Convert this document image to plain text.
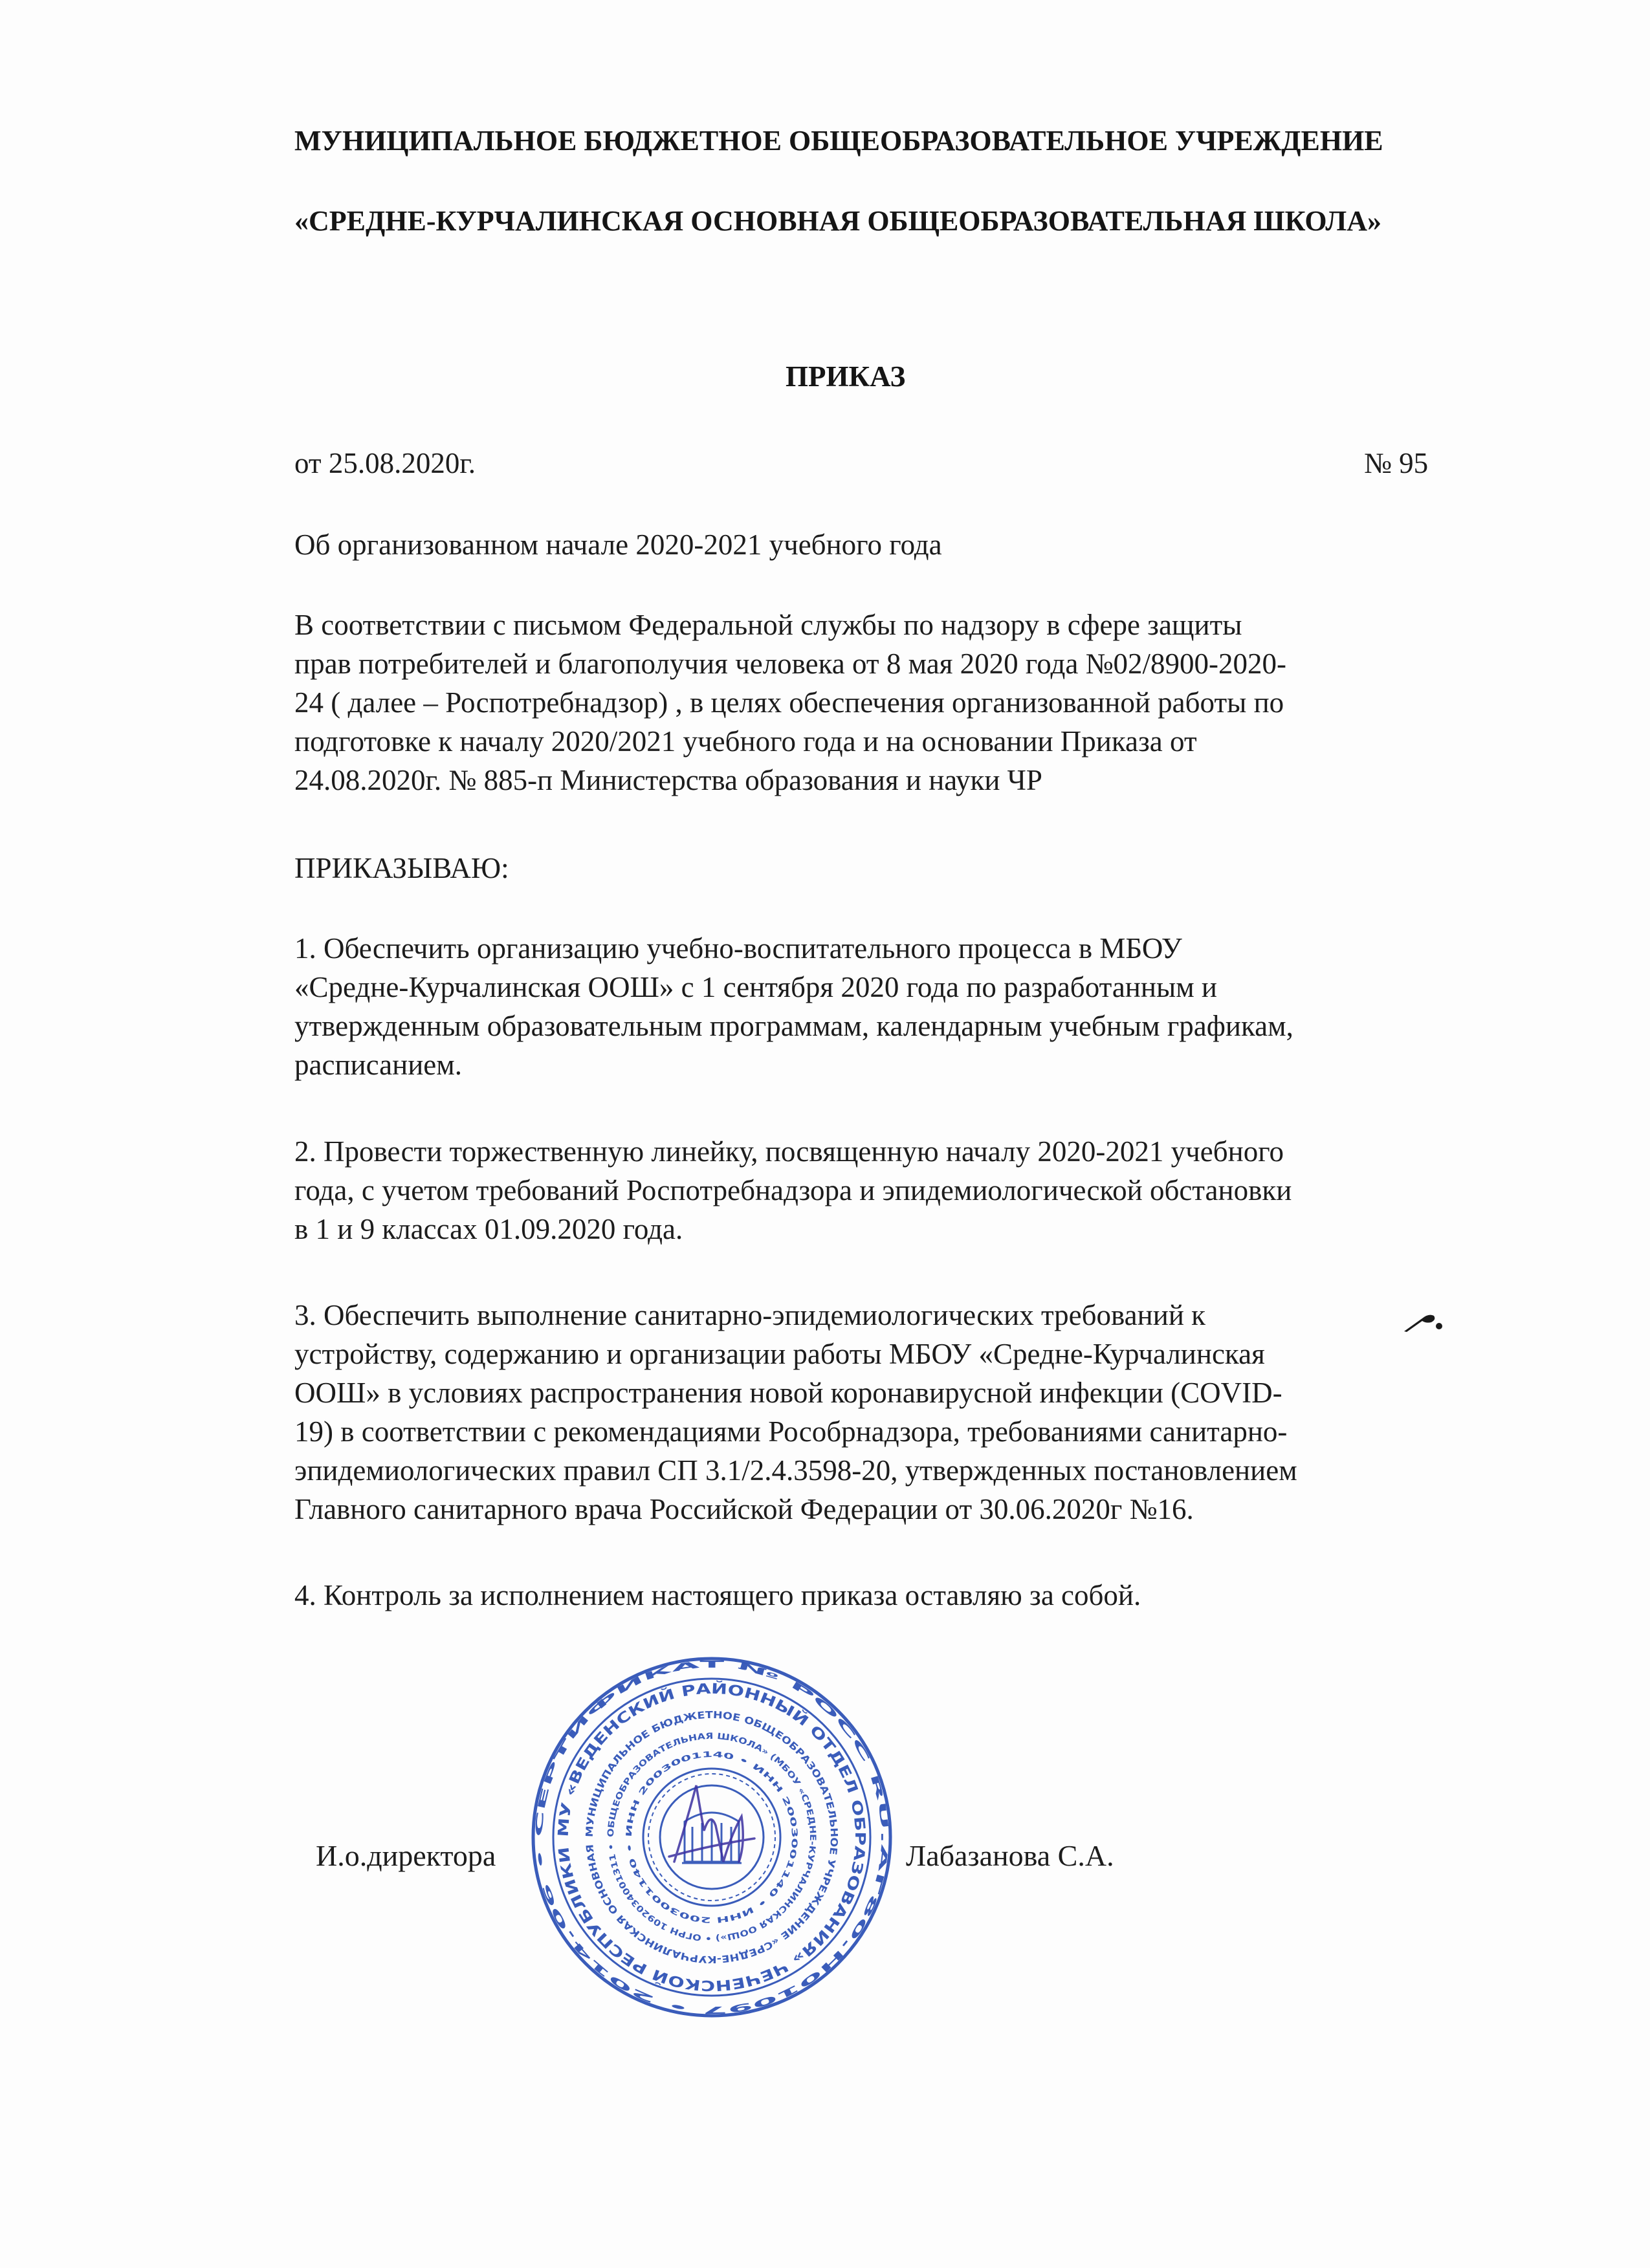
МУНИЦИПАЛЬНОЕ БЮДЖЕТНОЕ ОБЩЕОБРАЗОВАТЕЛЬНОЕ УЧРЕЖДЕНИЕ
«СРЕДНЕ-КУРЧАЛИНСКАЯ ОСНОВНАЯ ОБЩЕОБРАЗОВАТЕЛЬНАЯ ШКОЛА»
ПРИКАЗ
от 25.08.2020г.	№ 95
Об организованном начале 2020-2021 учебного года
В соответствии с письмом Федеральной службы по надзору в сфере защиты
прав потребителей и благополучия человека от 8 мая 2020 года №02/8900-2020-
24 ( далее – Роспотребнадзор) , в целях обеспечения организованной работы по
подготовке к началу 2020/2021 учебного года и на основании Приказа от
24.08.2020г. № 885-п Министерства образования и науки ЧР
ПРИКАЗЫВАЮ:
1. Обеспечить организацию учебно-воспитательного процесса в МБОУ
«Средне-Курчалинская ООШ» с 1 сентября 2020 года по разработанным и
утвержденным образовательным программам, календарным учебным графикам,
расписанием.
2. Провести торжественную линейку, посвященную началу 2020-2021 учебного
года, с учетом требований Роспотребнадзора и эпидемиологической обстановки
в 1 и 9 классах 01.09.2020 года.
3. Обеспечить выполнение санитарно-эпидемиологических требований к
устройству, содержанию и организации работы МБОУ «Средне-Курчалинская
ООШ» в условиях распространения новой коронавирусной инфекции (COVID-
19) в соответствии с рекомендациями Рособрнадзора, требованиями санитарно-
эпидемиологических правил СП 3.1/2.4.3598-20, утвержденных постановлением
Главного санитарного врача Российской Федерации от 30.06.2020г №16.
4. Контроль за исполнением настоящего приказа оставляю за собой.
И.о.директора	Лабазанова С.А.
СЕРТИФИКАТ № РОСС RU.АГ80.Н01097 • 2014.06 •
МУ «ВЕДЕНСКИЙ РАЙОННЫЙ ОТДЕЛ ОБРАЗОВАНИЯ» ЧЕЧЕНСКОЙ РЕСПУБЛИКИ
МУНИЦИПАЛЬНОЕ БЮДЖЕТНОЕ ОБЩЕОБРАЗОВАТЕЛЬНОЕ УЧРЕЖДЕНИЕ «СРЕДНЕ-КУРЧАЛИНСКАЯ ОСНОВНАЯ
ОБЩЕОБРАЗОВАТЕЛЬНАЯ ШКОЛА» (МБОУ «СРЕДНЕ-КУРЧАЛИНСКАЯ ООШ») • ОГРН 1092034001311 •
ИНН 2003001140 • ИНН 2003001140 • ИНН 2003001140 •
